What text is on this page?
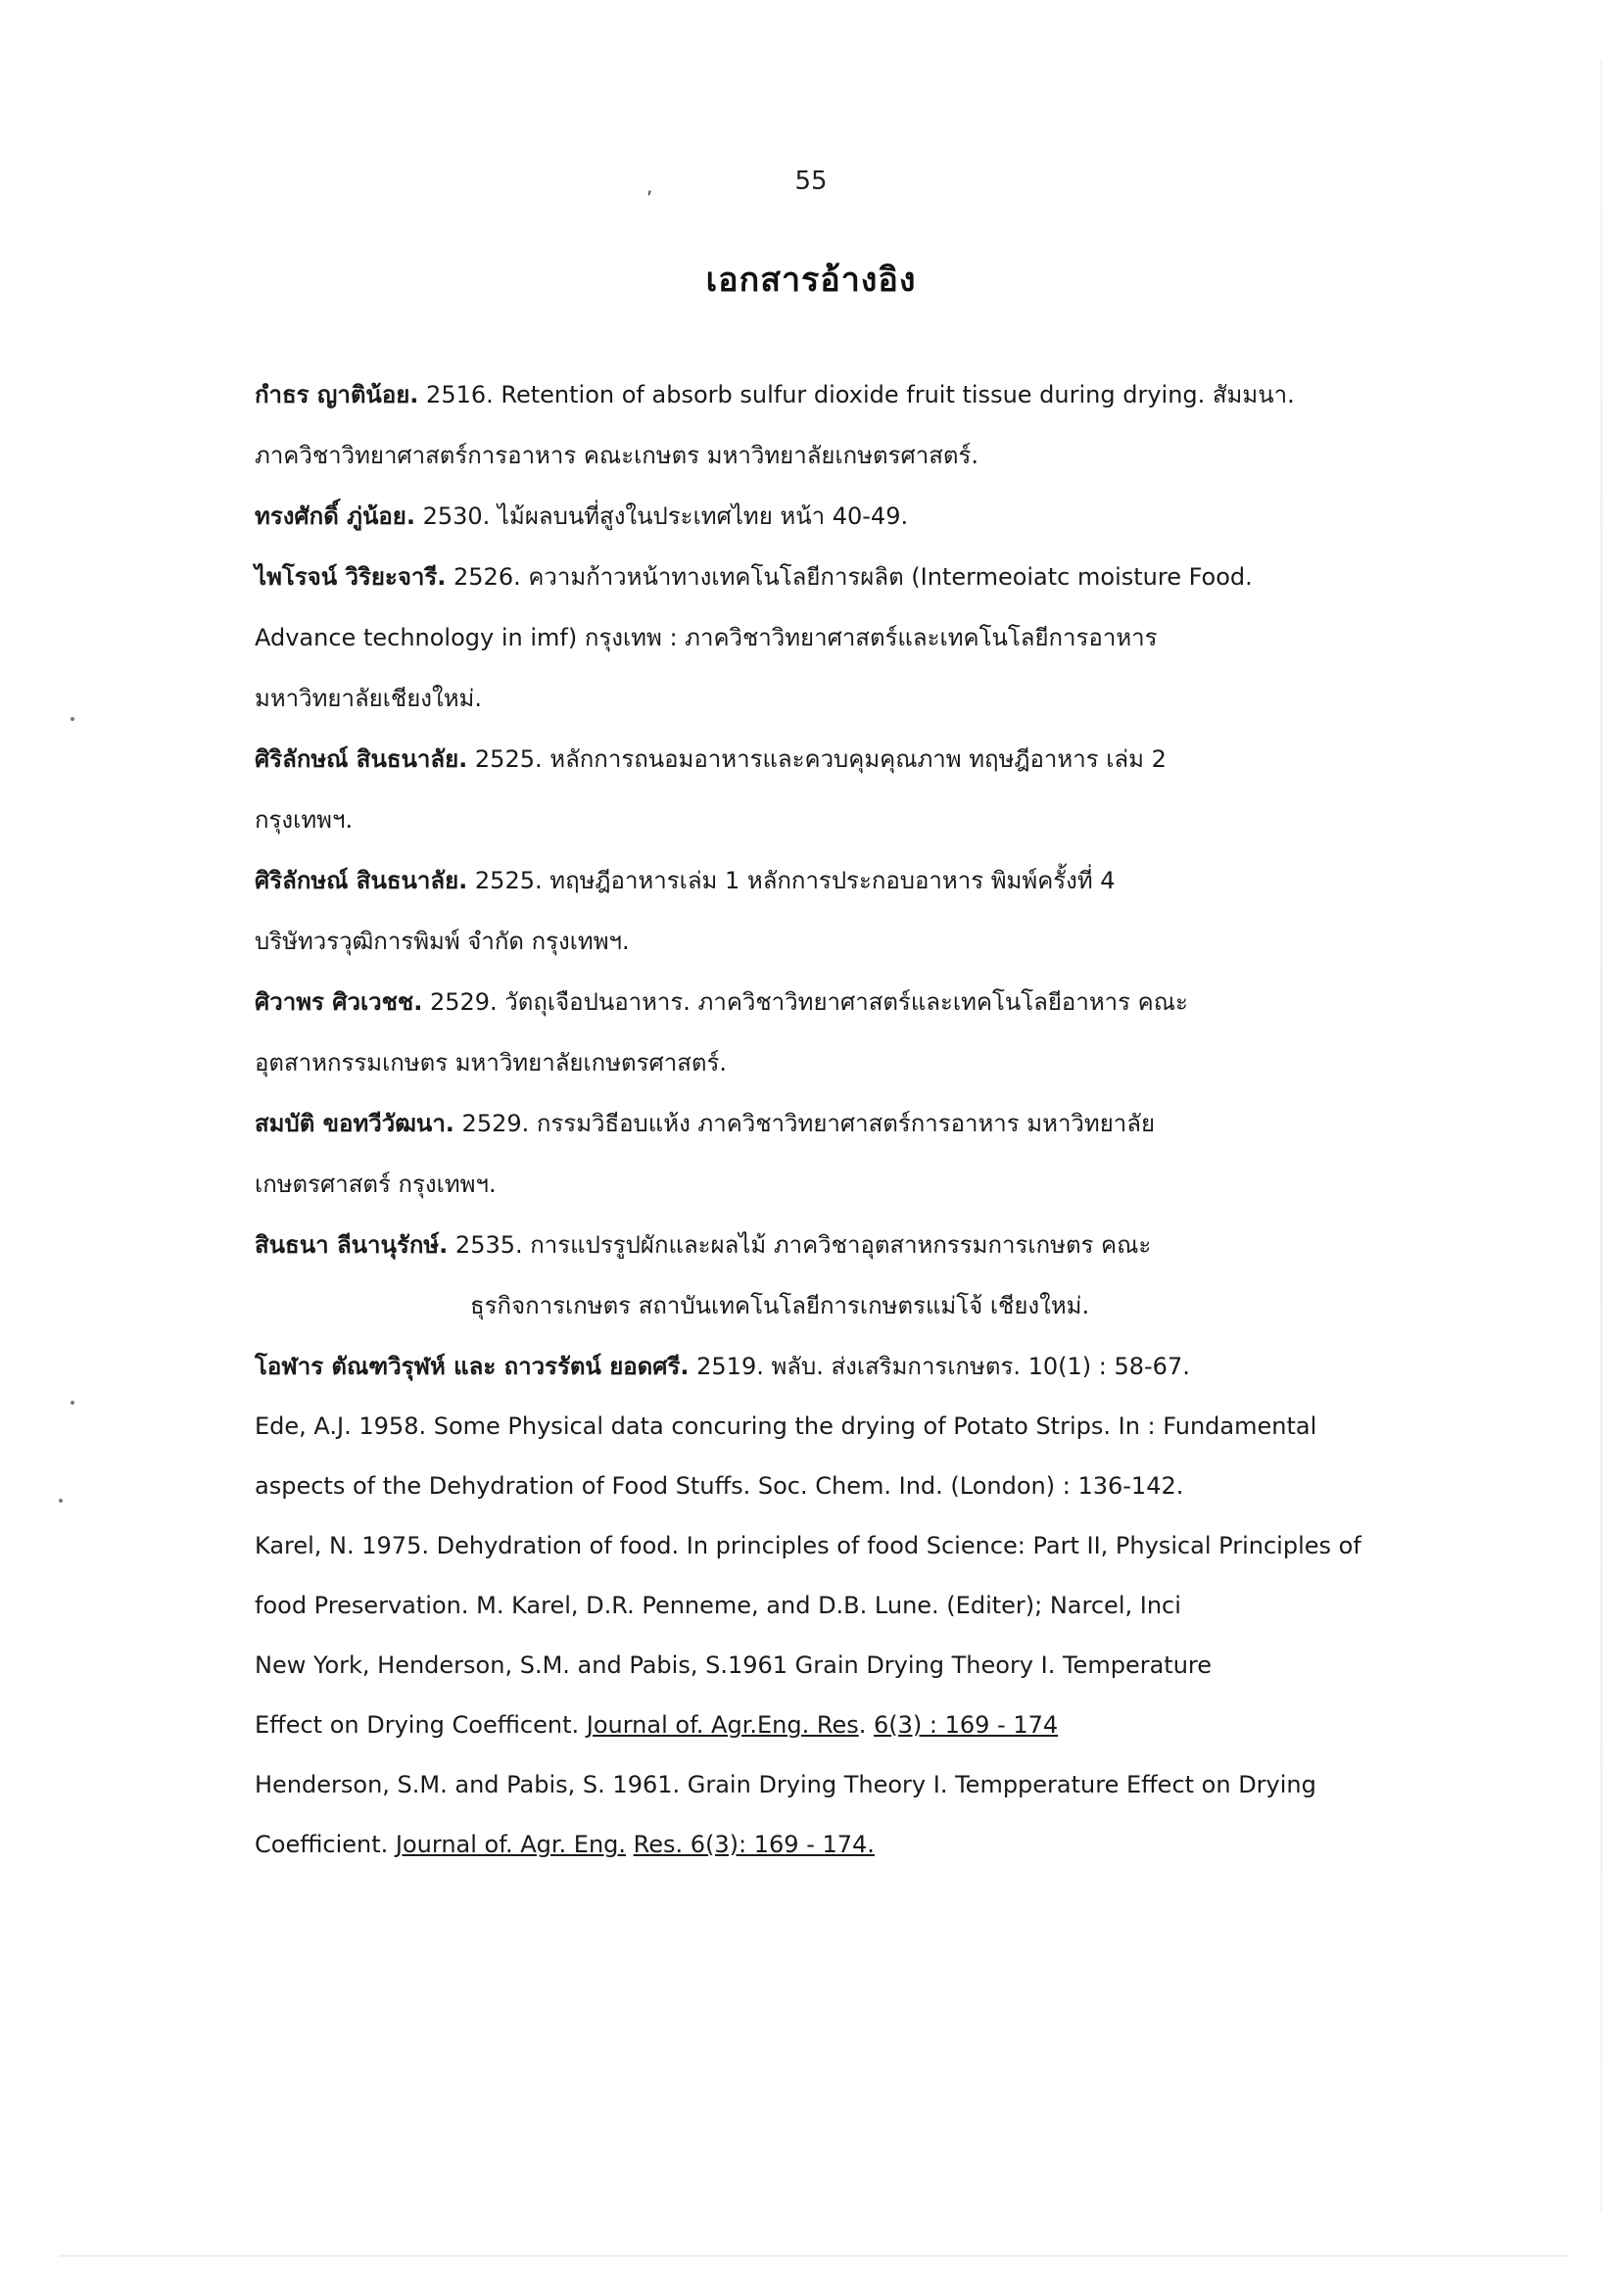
55
,
เอกสารอ้างอิง
กำธร ญาติน้อย. 2516. Retention of absorb sulfur dioxide fruit tissue during drying. สัมมนา.
ภาควิชาวิทยาศาสตร์การอาหาร คณะเกษตร มหาวิทยาลัยเกษตรศาสตร์.
ทรงศักดิ์ ภู่น้อย. 2530. ไม้ผลบนที่สูงในประเทศไทย หน้า 40-49.
ไพโรจน์ วิริยะจารี. 2526. ความก้าวหน้าทางเทคโนโลยีการผลิต (Intermeoiatc moisture Food.
Advance technology in imf) กรุงเทพ : ภาควิชาวิทยาศาสตร์และเทคโนโลยีการอาหาร
มหาวิทยาลัยเชียงใหม่.
ศิริลักษณ์ สินธนาลัย. 2525. หลักการถนอมอาหารและควบคุมคุณภาพ ทฤษฎีอาหาร เล่ม 2
กรุงเทพฯ.
ศิริลักษณ์ สินธนาลัย. 2525. ทฤษฎีอาหารเล่ม 1 หลักการประกอบอาหาร พิมพ์ครั้งที่ 4
บริษัทวรวุฒิการพิมพ์ จำกัด กรุงเทพฯ.
ศิวาพร ศิวเวชช. 2529. วัตถุเจือปนอาหาร. ภาควิชาวิทยาศาสตร์และเทคโนโลยีอาหาร คณะ
อุตสาหกรรมเกษตร มหาวิทยาลัยเกษตรศาสตร์.
สมบัติ ขอทวีวัฒนา. 2529. กรรมวิธีอบแห้ง ภาควิชาวิทยาศาสตร์การอาหาร มหาวิทยาลัย
เกษตรศาสตร์ กรุงเทพฯ.
สินธนา ลีนานุรักษ์. 2535. การแปรรูปผักและผลไม้ ภาควิชาอุตสาหกรรมการเกษตร คณะ
ธุรกิจการเกษตร สถาบันเทคโนโลยีการเกษตรแม่โจ้ เชียงใหม่.
โอฬาร ตัณฑวิรุฬห์ และ ถาวรรัตน์ ยอดศรี. 2519. พลับ. ส่งเสริมการเกษตร. 10(1) : 58-67.
Ede, A.J. 1958. Some Physical data concuring the drying of Potato Strips. In : Fundamental
aspects of the Dehydration of Food Stuffs. Soc. Chem. Ind. (London) : 136-142.
Karel, N. 1975. Dehydration of food. In principles of food Science: Part II, Physical Principles of
food Preservation. M. Karel, D.R. Penneme, and D.B. Lune. (Editer); Narcel, Inci
New York, Henderson, S.M. and Pabis, S.1961 Grain Drying Theory I. Temperature
Effect on Drying Coefficent. Journal of. Agr.Eng. Res. 6(3) : 169 - 174
Henderson, S.M. and Pabis, S. 1961. Grain Drying Theory I. Tempperature Effect on Drying
Coefficient. Journal of. Agr. Eng. Res. 6(3): 169 - 174.
